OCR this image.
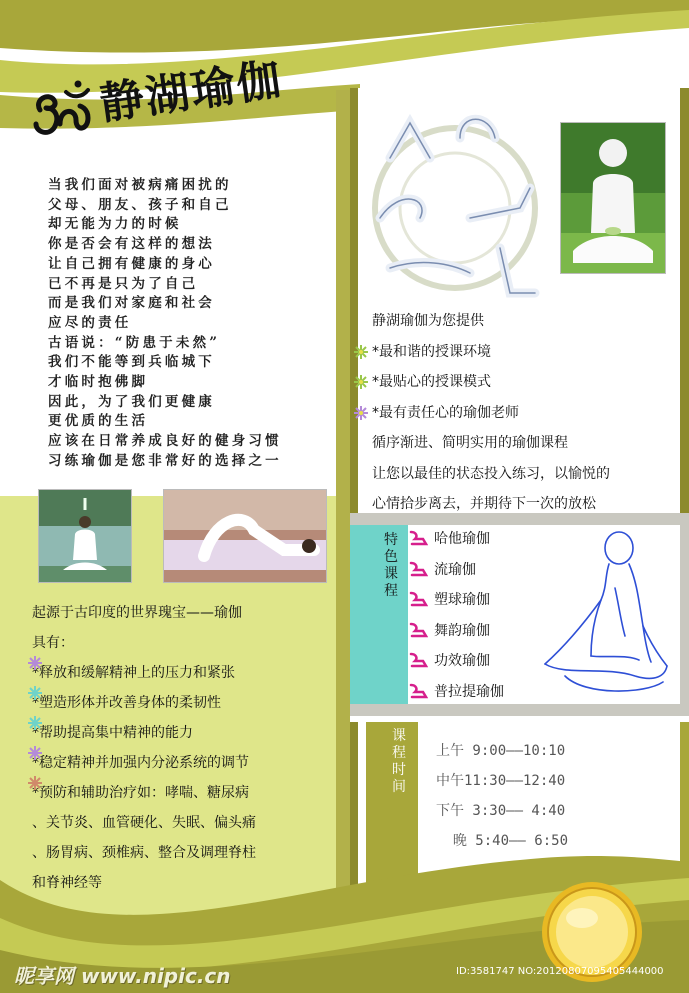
静湖瑜伽
当我们面对被病痛困扰的
父母、朋友、孩子和自己
却无能为力的时候
你是否会有这样的想法
让自己拥有健康的身心
已不再是只为了自己
而是我们对家庭和社会
应尽的责任
古语说：“防患于未然”
我们不能等到兵临城下
才临时抱佛脚
因此，为了我们更健康
更优质的生活
应该在日常养成良好的健身习惯
习练瑜伽是您非常好的选择之一
静湖瑜伽为您提供
*最和谐的授课环境
*最贴心的授课模式
*最有责任心的瑜伽老师
循序渐进、简明实用的瑜伽课程
让您以最佳的状态投入练习，以愉悦的
心情拾步离去，并期待下一次的放松
特色课程
哈他瑜伽
流瑜伽
塑球瑜伽
舞韵瑜伽
功效瑜伽
普拉提瑜伽
课程时间
上午 9:00——10:10
中午11:30——12:40
下午 3:30—— 4:40
晚 5:40—— 6:50
起源于古印度的世界瑰宝——瑜伽
具有：
*释放和缓解精神上的压力和紧张
*塑造形体并改善身体的柔韧性
*帮助提高集中精神的能力
*稳定精神并加强内分泌系统的调节
*预防和辅助治疗如：哮喘、糖尿病
、关节炎、血管硬化、失眠、偏头痛
、肠胃病、颈椎病、整合及调理脊柱
和脊神经等
昵享网 www.nipic.cn	ID:3581747 NO:20120807095405444000
